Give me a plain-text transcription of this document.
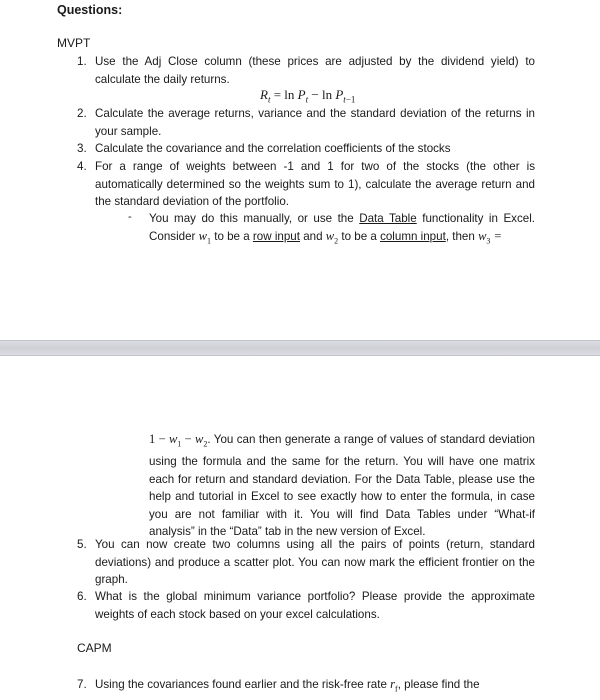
Questions:
MVPT
1. Use the Adj Close column (these prices are adjusted by the dividend yield) to calculate the daily returns.
$R_t = \ln P_t - \ln P_{t-1}$
2. Calculate the average returns, variance and the standard deviation of the returns in your sample.
3. Calculate the covariance and the correlation coefficients of the stocks
4. For a range of weights between -1 and 1 for two of the stocks (the other is automatically determined so the weights sum to 1), calculate the average return and the standard deviation of the portfolio.
- You may do this manually, or use the Data Table functionality in Excel. Consider $w_1$ to be a row input and $w_2$ to be a column input, then $w_3$ =
$1 - w_1 - w_2$. You can then generate a range of values of standard deviation using the formula and the same for the return. You will have one matrix each for return and standard deviation. For the Data Table, please use the help and tutorial in Excel to see exactly how to enter the formula, in case you are not familiar with it. You will find Data Tables under “What-if analysis” in the “Data” tab in the new version of Excel.
5. You can now create two columns using all the pairs of points (return, standard deviations) and produce a scatter plot. You can now mark the efficient frontier on the graph.
6. What is the global minimum variance portfolio? Please provide the approximate weights of each stock based on your excel calculations.
CAPM
7. Using the covariances found earlier and the risk-free rate $r_f$, please find the
